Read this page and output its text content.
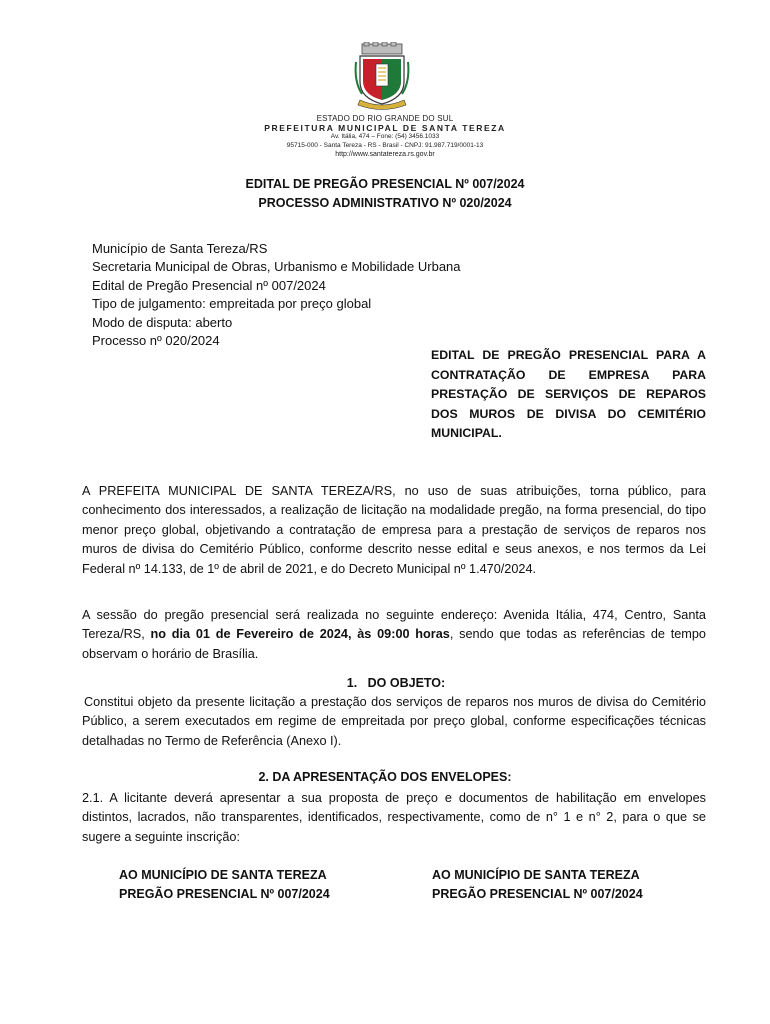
ESTADO DO RIO GRANDE DO SUL
PREFEITURA MUNICIPAL DE SANTA TEREZA
Av. Itália, 474 – Fone: (54) 3456.1033
95715-000 - Santa Tereza - RS - Brasil - CNPJ: 91.987.719/0001-13
http://www.santatereza.rs.gov.br
EDITAL DE PREGÃO PRESENCIAL Nº 007/2024
PROCESSO ADMINISTRATIVO Nº 020/2024
Município de Santa Tereza/RS
Secretaria Municipal de Obras, Urbanismo e Mobilidade Urbana
Edital de Pregão Presencial nº 007/2024
Tipo de julgamento: empreitada por preço global
Modo de disputa: aberto
Processo nº 020/2024
EDITAL DE PREGÃO PRESENCIAL PARA A CONTRATAÇÃO DE EMPRESA PARA PRESTAÇÃO DE SERVIÇOS DE REPAROS DOS MUROS DE DIVISA DO CEMITÉRIO MUNICIPAL.
A PREFEITA MUNICIPAL DE SANTA TEREZA/RS, no uso de suas atribuições, torna público, para conhecimento dos interessados, a realização de licitação na modalidade pregão, na forma presencial, do tipo menor preço global, objetivando a contratação de empresa para a prestação de serviços de reparos nos muros de divisa do Cemitério Público, conforme descrito nesse edital e seus anexos, e nos termos da Lei Federal nº 14.133, de 1º de abril de 2021, e do Decreto Municipal nº 1.470/2024.
A sessão do pregão presencial será realizada no seguinte endereço: Avenida Itália, 474, Centro, Santa Tereza/RS, no dia 01 de Fevereiro de 2024, às 09:00 horas, sendo que todas as referências de tempo observam o horário de Brasília.
1.   DO OBJETO:
Constitui objeto da presente licitação a prestação dos serviços de reparos nos muros de divisa do Cemitério Público, a serem executados em regime de empreitada por preço global, conforme especificações técnicas detalhadas no Termo de Referência (Anexo I).
2. DA APRESENTAÇÃO DOS ENVELOPES:
2.1. A licitante deverá apresentar a sua proposta de preço e documentos de habilitação em envelopes distintos, lacrados, não transparentes, identificados, respectivamente, como de n° 1 e n° 2, para o que se sugere a seguinte inscrição:
AO MUNICÍPIO DE SANTA TEREZA
PREGÃO PRESENCIAL Nº 007/2024
AO MUNICÍPIO DE SANTA TEREZA
PREGÃO PRESENCIAL Nº 007/2024
